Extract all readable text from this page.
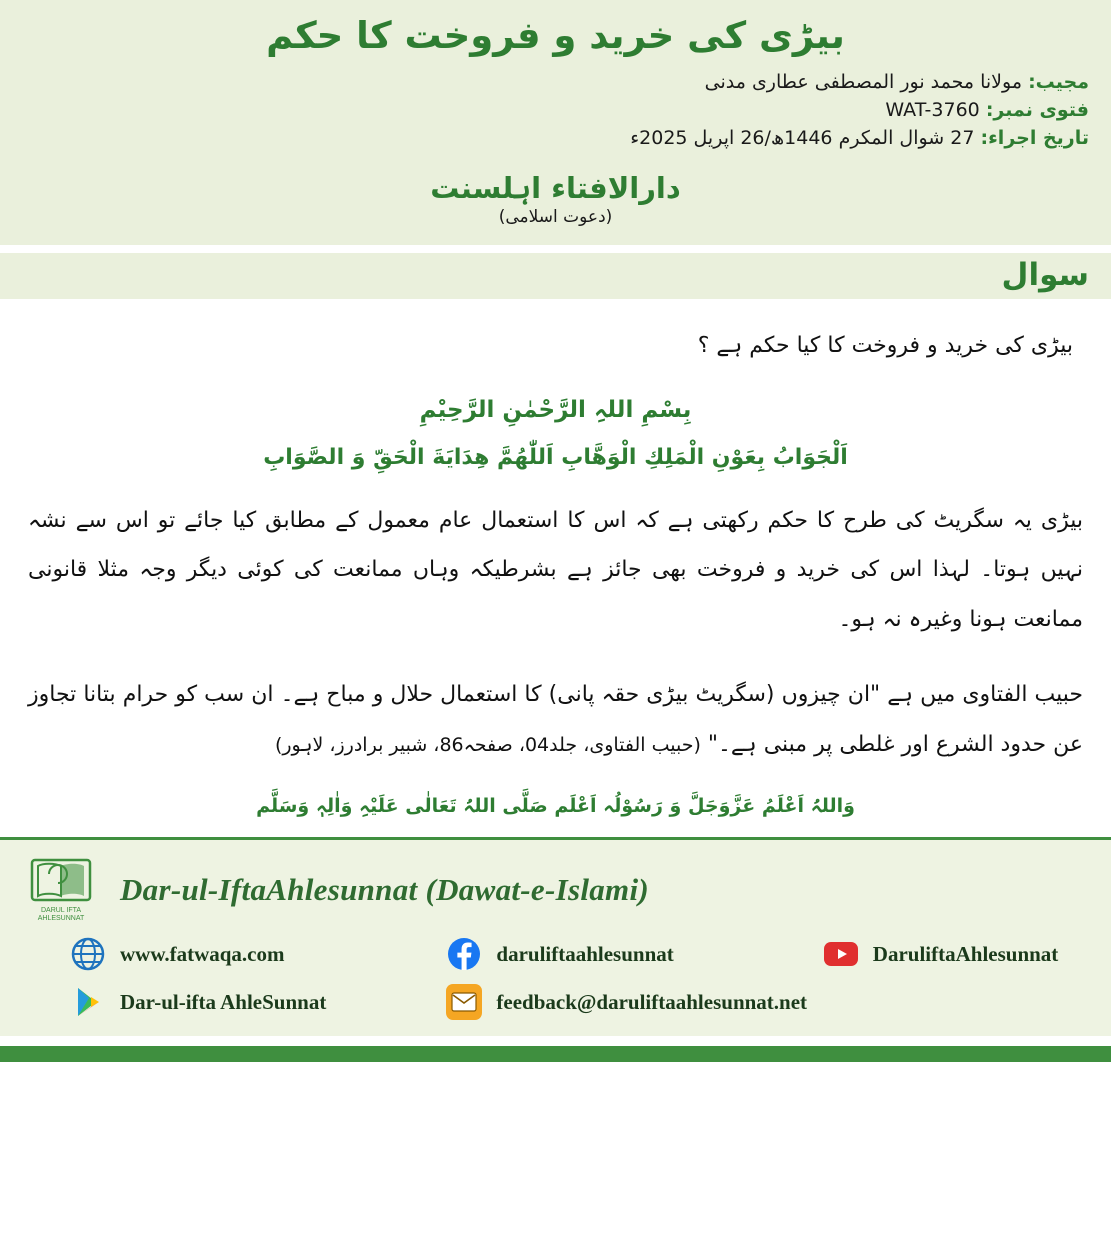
بیڑی کی خرید و فروخت کا حکم
مجیب: مولانا محمد نور المصطفی عطاری مدنی
فتوی نمبر: WAT-3760
تاریخ اجراء: 27 شوال المکرم 1446ھ/26 اپریل 2025ء
دارالافتاء اہلسنت
(دعوت اسلامی)
سوال
بیڑی کی خرید و فروخت کا کیا حکم ہے ؟
بِسْمِ اللہِ الرَّحْمٰنِ الرَّحِيْمِ
اَلْجَوَابُ بِعَوْنِ الْمَلِكِ الْوَھَّابِ اَللّٰھُمَّ ھِدَايَةَ الْحَقِّ وَ الصَّوَابِ
بیڑی یہ سگریٹ کی طرح کا حکم رکھتی ہے کہ اس کا استعمال عام معمول کے مطابق کیا جائے تو اس سے نشہ نہیں ہوتا۔ لہذا اس کی خرید و فروخت بھی جائز ہے بشرطیکہ وہاں ممانعت کی کوئی دیگر وجہ مثلا قانونی ممانعت ہونا وغیرہ نہ ہو۔
حبیب الفتاوی میں ہے "ان چیزوں (سگریٹ بیڑی حقہ پانی) کا استعمال حلال و مباح ہے۔ ان سب کو حرام بتانا تجاوز عن حدود الشرع اور غلطی پر مبنی ہے۔" (حبیب الفتاوی، جلد04، صفحہ86، شبیر برادرز، لاہور)
وَاللہُ اَعْلَمُ عَزَّوَجَلَّ وَ رَسُوْلُہ اَعْلَم صَلَّی اللہُ تَعَالٰی عَلَیْہِ وَاٰلِہٖ وَسَلَّم
DARUL IFTA
AHLESUNNAT
Dar-ul-IftaAhlesunnat (Dawat-e-Islami)
www.fatwaqa.com	daruliftaahlesunnat	DaruliftaAhlesunnat
Dar-ul-ifta AhleSunnat	feedback@daruliftaahlesunnat.net
